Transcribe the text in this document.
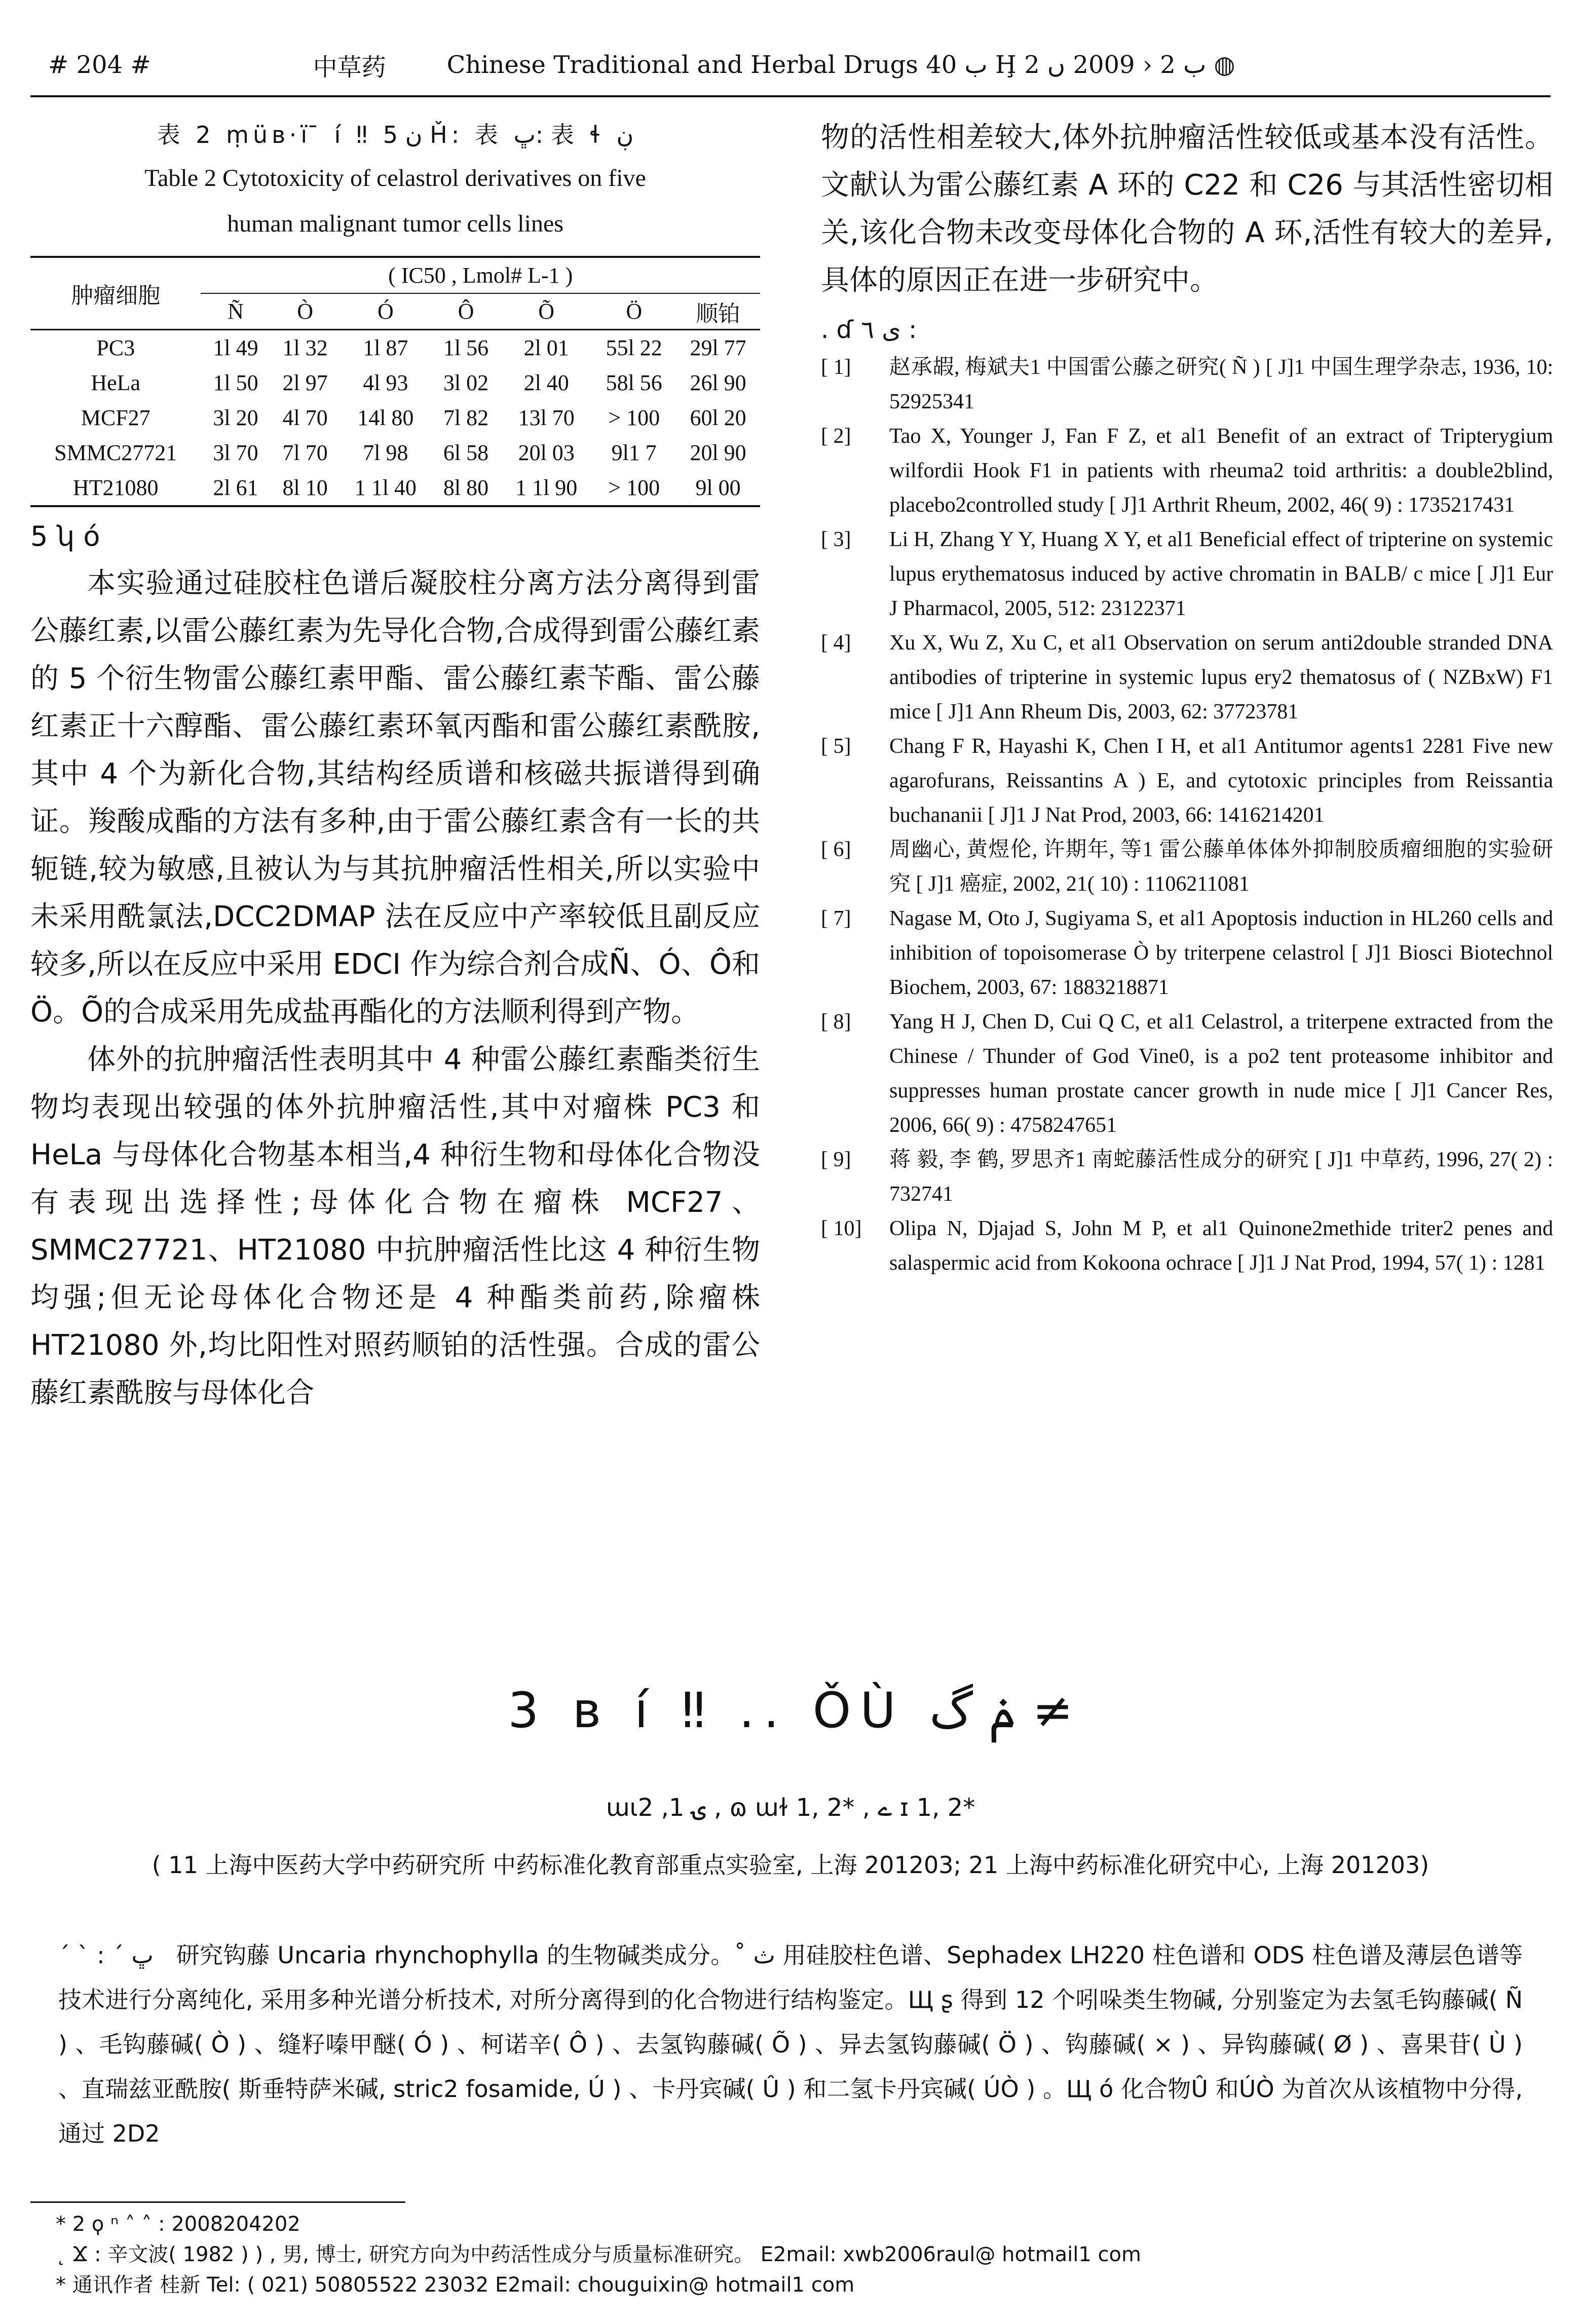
# 204 #	中草药	Chinese Traditional and Herbal Drugs ب 40 Ḩ ب 2 ‹ 2009 ں 2 ◍
表 2 ṃüʙ·ï ̄ í ‼ ن 5 Ȟ: 表 ڀ: 表 ɬ ڹ
Table 2 Cytotoxicity of celastrol derivatives on five
human malignant tumor cells lines
肿瘤细胞	( IC50 , Lmol# L-1 )						
	Ñ	Ò	Ó	Ô	Õ	Ö	顺铂
PC3	1l 49	1l 32	1l 87	1l 56	2l 01	55l 22	29l 77
HeLa	1l 50	2l 97	4l 93	3l 02	2l 40	58l 56	26l 90
MCF27	3l 20	4l 70	14l 80	7l 82	13l 70	> 100	60l 20
SMMC27721	3l 70	7l 70	7l 98	6l 58	20l 03	9l1 7	20l 90
HT21080	2l 61	8l 10	1 1l 40	8l 80	1 1l 90	> 100	9l 00
5 ʮ ó

本实验通过硅胶柱色谱后凝胶柱分离方法分离得到雷公藤红素,以雷公藤红素为先导化合物,合成得到雷公藤红素的 5 个衍生物雷公藤红素甲酯、雷公藤红素苄酯、雷公藤红素正十六醇酯、雷公藤红素环氧丙酯和雷公藤红素酰胺,其中 4 个为新化合物,其结构经质谱和核磁共振谱得到确证。羧酸成酯的方法有多种,由于雷公藤红素含有一长的共轭链,较为敏感,且被认为与其抗肿瘤活性相关,所以实验中未采用酰氯法,DCC2DMAP 法在反应中产率较低且副反应较多,所以在反应中采用 EDCI 作为综合剂合成Ñ、Ó、Ô和Ö。Õ的合成采用先成盐再酯化的方法顺利得到产物。

体外的抗肿瘤活性表明其中 4 种雷公藤红素酯类衍生物均表现出较强的体外抗肿瘤活性,其中对瘤株 PC3 和 HeLa 与母体化合物基本相当,4 种衍生物和母体化合物没有表现出选择性;母体化合物在瘤株 MCF27、SMMC27721、HT21080 中抗肿瘤活性比这 4 种衍生物均强;但无论母体化合物还是 4 种酯类前药,除瘤株 HT21080 外,均比阳性对照药顺铂的活性强。合成的雷公藤红素酰胺与母体化合

物的活性相差较大,体外抗肿瘤活性较低或基本没有活性。文献认为雷公藤红素 A 环的 C22 和 C26 与其活性密切相关,该化合物未改变母体化合物的 A 环,活性有较大的差异,具体的原因正在进一步研究中。

. ɗ ى ٦ :
[ 1]	赵承嘏, 梅斌夫1 中国雷公藤之研究( Ñ ) [ J]1 中国生理学杂志, 1936, 10: 52925341
[ 2]	Tao X, Younger J, Fan F Z, et al1 Benefit of an extract of Tripterygium wilfordii Hook F1 in patients with rheuma2 toid arthritis: a double2blind, placebo2controlled study [ J]1 Arthrit Rheum, 2002, 46( 9) : 1735217431
[ 3]	Li H, Zhang Y Y, Huang X Y, et al1 Beneficial effect of tripterine on systemic lupus erythematosus induced by active chromatin in BALB/ c mice [ J]1 Eur J Pharmacol, 2005, 512: 23122371
[ 4]	Xu X, Wu Z, Xu C, et al1 Observation on serum anti2double stranded DNA antibodies of tripterine in systemic lupus ery2 thematosus of ( NZBxW) F1 mice [ J]1 Ann Rheum Dis, 2003, 62: 37723781
[ 5]	Chang F R, Hayashi K, Chen I H, et al1 Antitumor agents1 2281 Five new agarofurans, Reissantins A ) E, and cytotoxic principles from Reissantia buchananii [ J]1 J Nat Prod, 2003, 66: 1416214201
[ 6]	周幽心, 黄煜伦, 许期年, 等1 雷公藤单体体外抑制胶质瘤细胞的实验研究 [ J]1 癌症, 2002, 21( 10) : 1106211081
[ 7]	Nagase M, Oto J, Sugiyama S, et al1 Apoptosis induction in HL260 cells and inhibition of topoisomerase Ò by triterpene celastrol [ J]1 Biosci Biotechnol Biochem, 2003, 67: 1883218871
[ 8]	Yang H J, Chen D, Cui Q C, et al1 Celastrol, a triterpene extracted from the Chinese / Thunder of God Vine0, is a po2 tent proteasome inhibitor and suppresses human prostate cancer growth in nude mice [ J]1 Cancer Res, 2006, 66( 9) : 4758247651
[ 9]	蒋 毅, 李 鹤, 罗思齐1 南蛇藤活性成分的研究 [ J]1 中草药, 1996, 27( 2) : 732741
[ 10]	Olipa N, Djajad S, John M P, et al1 Quinone2methide triter2 penes and salaspermic acid from Kokoona ochrace [ J]1 J Nat Prod, 1994, 57( 1) : 1281
3 ʙ í ‼ .. ǑÙ ݥ گ ≠
ɯɩۍ 1, 2 , ɷ ɯɫ 1, 2* , ے ɪ 1, 2*
( 11 上海中医药大学中药研究所 中药标准化教育部重点实验室, 上海 201203; 21 上海中药标准化研究中心, 上海 201203)
ˊ ˋ : ˊ ڀ 研究钩藤 Uncaria rhynchophylla 的生物碱类成分。˚ ث 用硅胶柱色谱、Sephadex LH220 柱色谱和 ODS 柱色谱及薄层色谱等技术进行分离纯化, 采用多种光谱分析技术, 对所分离得到的化合物进行结构鉴定。Щ ʂ 得到 12 个吲哚类生物碱, 分别鉴定为去氢毛钩藤碱( Ñ ) 、毛钩藤碱( Ò ) 、缝籽嗪甲醚( Ó ) 、柯诺辛( Ô ) 、去氢钩藤碱( Õ ) 、异去氢钩藤碱( Ö ) 、钩藤碱( × ) 、异钩藤碱( Ø ) 、喜果苷( Ù ) 、直瑞兹亚酰胺( 斯垂特萨米碱, stric2 fosamide, Ú ) 、卡丹宾碱( Û ) 和二氢卡丹宾碱( ÚÒ ) 。Щ ó 化合物Û 和ÚÒ 为首次从该植物中分得, 通过 2D2
* 2 ϙ ⁿ ˄ ˄ : 2008204202
˛ Ϫ : 辛文波( 1982 ) ) , 男, 博士, 研究方向为中药活性成分与质量标准研究。 E2mail: xwb2006raul@ hotmail1 com
* 通讯作者 桂新 Tel: ( 021) 50805522 23032 E2mail: chouguixin@ hotmail1 com
